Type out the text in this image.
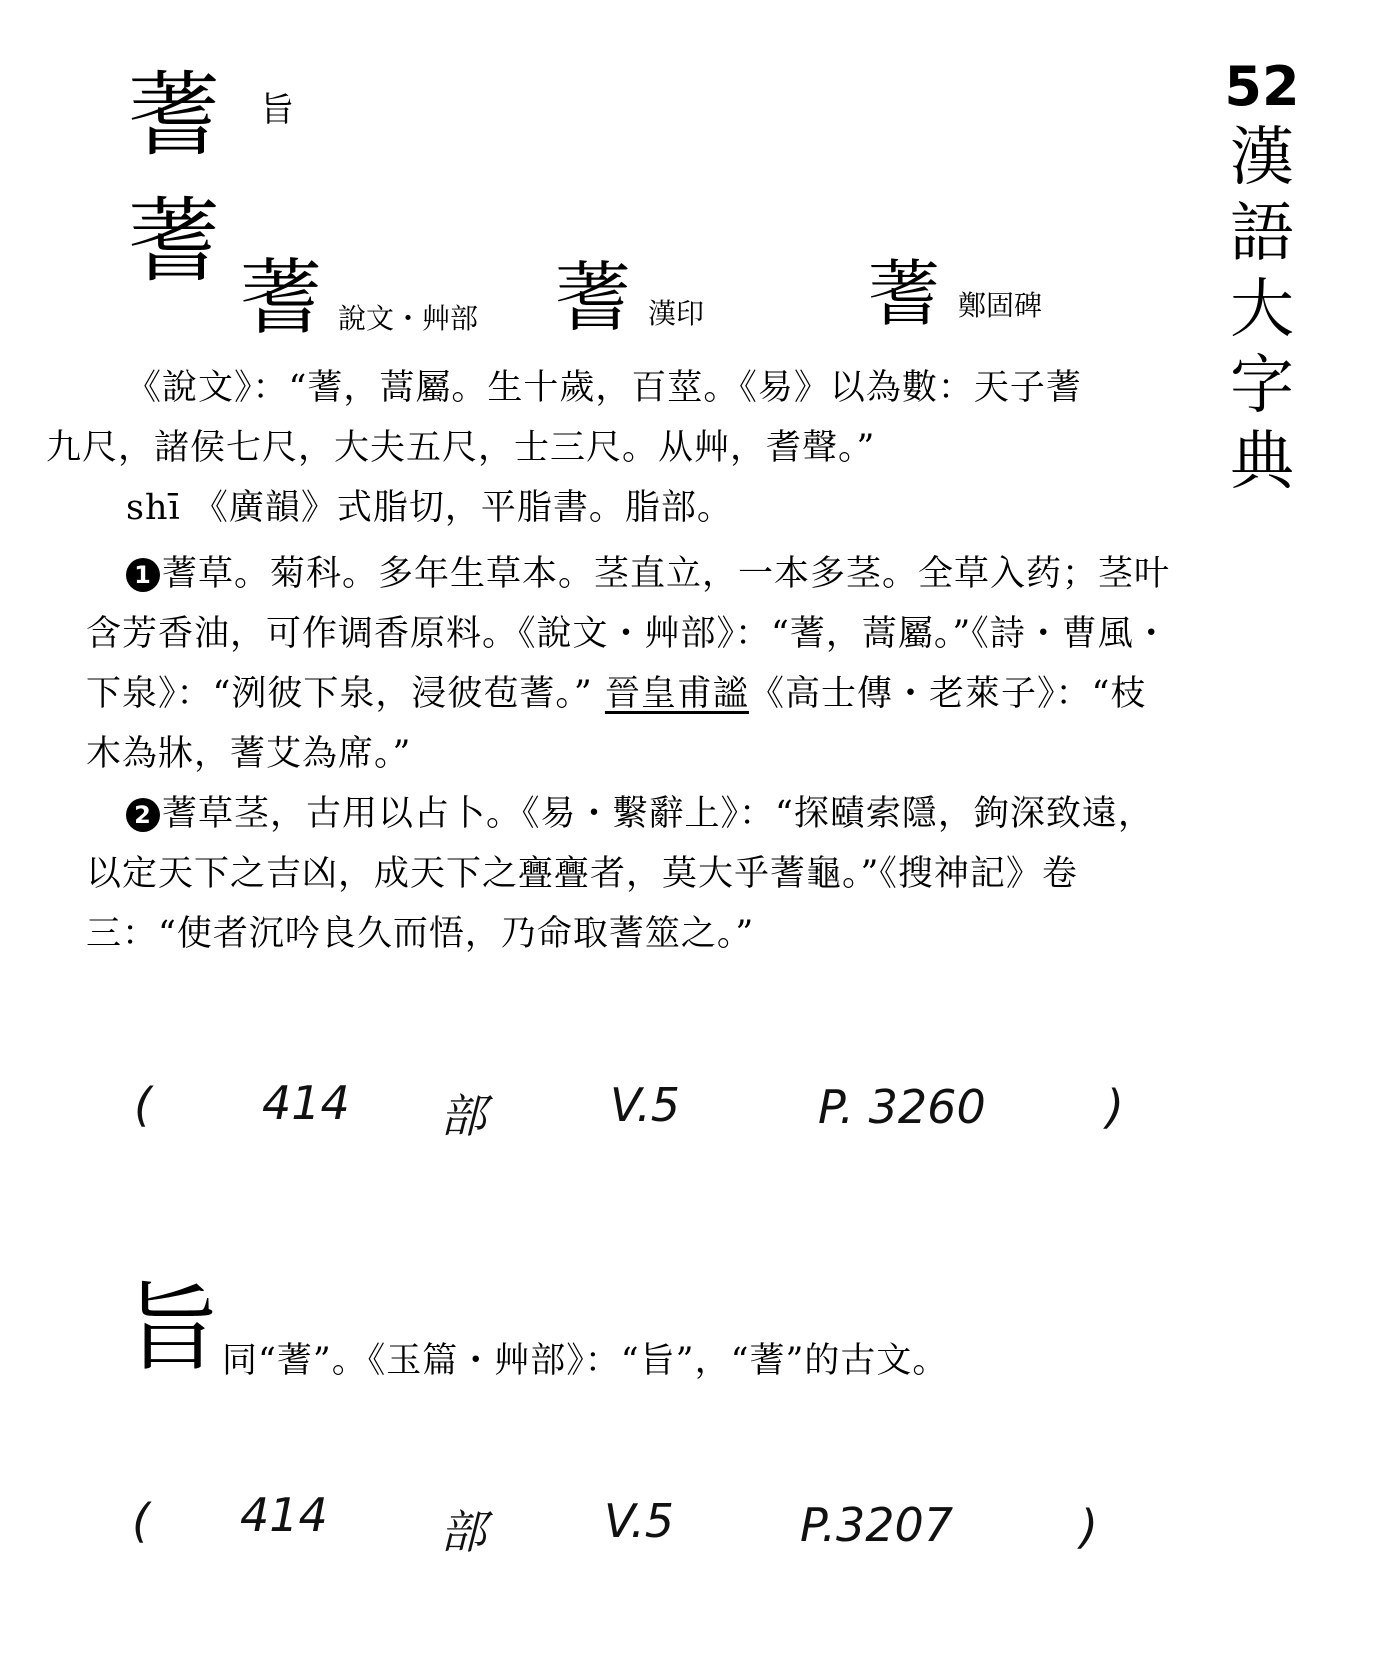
蓍 旨
蓍
蓍 說文・艸部 蓍 漢印 蓍 鄭固碑
52
漢語大字典

《說文》：“蓍，蒿屬。生十歲，百莖。《易》以為數：天子蓍
九尺，諸侯七尺，大夫五尺，士三尺。从艸，耆聲。”

shī 《廣韻》式脂切，平脂書。脂部。

1 蓍草。菊科。多年生草本。茎直立，一本多茎。全草入药；茎叶含芳香油，可作调香原料。《說文・艸部》：“蓍，蒿屬。”《詩・曹風・下泉》：“洌彼下泉，浸彼苞蓍。” 晉皇甫謐《高士傳・老萊子》：“枝木為牀，蓍艾為席。”

2 蓍草茎，古用以占卜。《易・繫辭上》：“探賾索隱，鉤深致遠，以定天下之吉凶，成天下之亹亹者，莫大乎蓍龜。”《搜神記》卷三：“使者沉吟良久而悟，乃命取蓍筮之。”

( 414 部	V.5	P. 3260	)
旨 同“蓍”。《玉篇・艸部》：“旨”，“蓍”的古文。
( 414 部	V.5	P.3207	)
